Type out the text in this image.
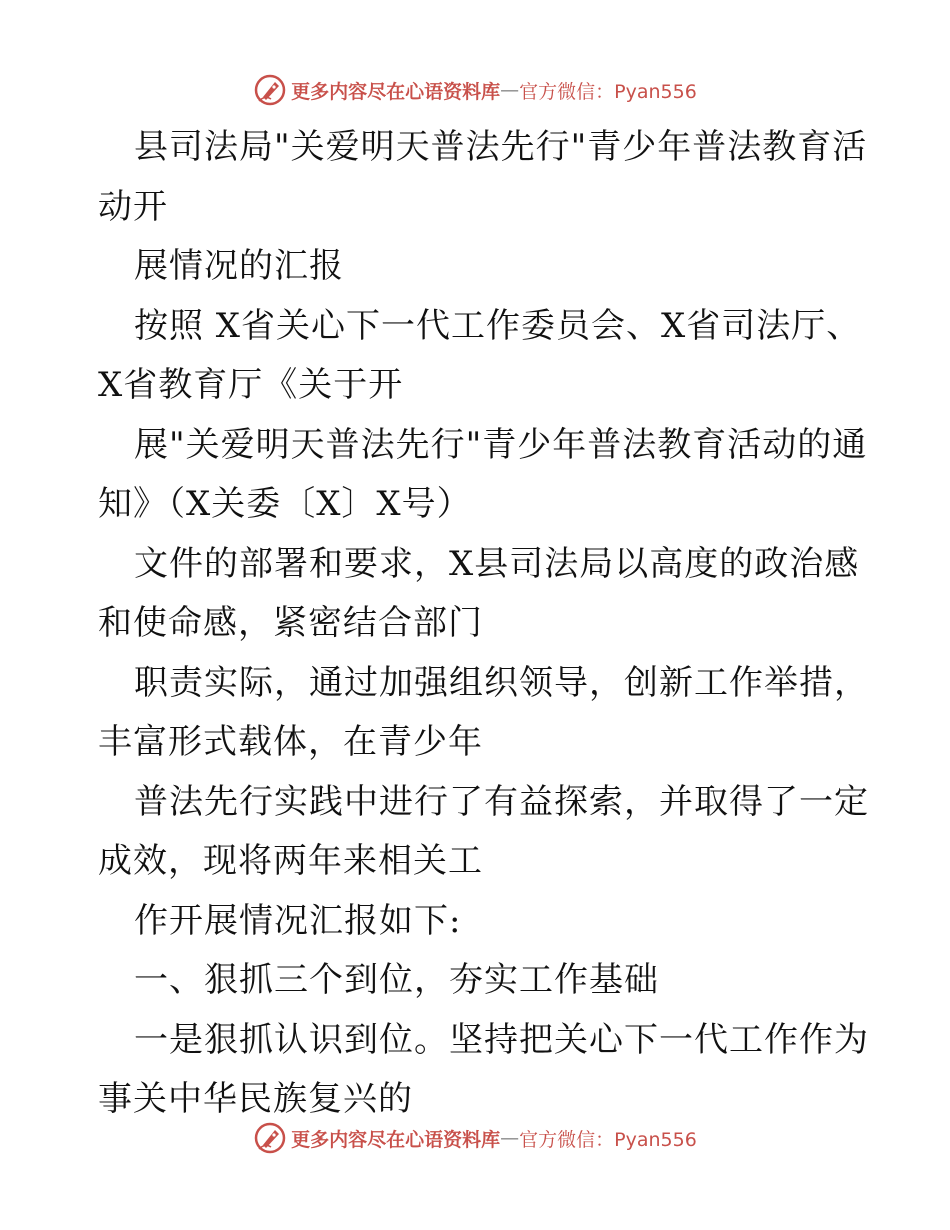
更多内容尽在心语资料库 — 官方微信：Pyan556
县司法局"关爱明天普法先行"青少年普法教育活
动开
展情况的汇报
按照 X省关心下一代工作委员会、X省司法厅、
X省教育厅《关于开
展"关爱明天普法先行"青少年普法教育活动的通
知》（X关委〔X〕X号）
文件的部署和要求，X县司法局以高度的政治感
和使命感，紧密结合部门
职责实际，通过加强组织领导，创新工作举措，
丰富形式载体，在青少年
普法先行实践中进行了有益探索，并取得了一定
成效，现将两年来相关工
作开展情况汇报如下:
一、狠抓三个到位，夯实工作基础
一是狠抓认识到位。坚持把关心下一代工作作为
事关中华民族复兴的
更多内容尽在心语资料库 — 官方微信：Pyan556
